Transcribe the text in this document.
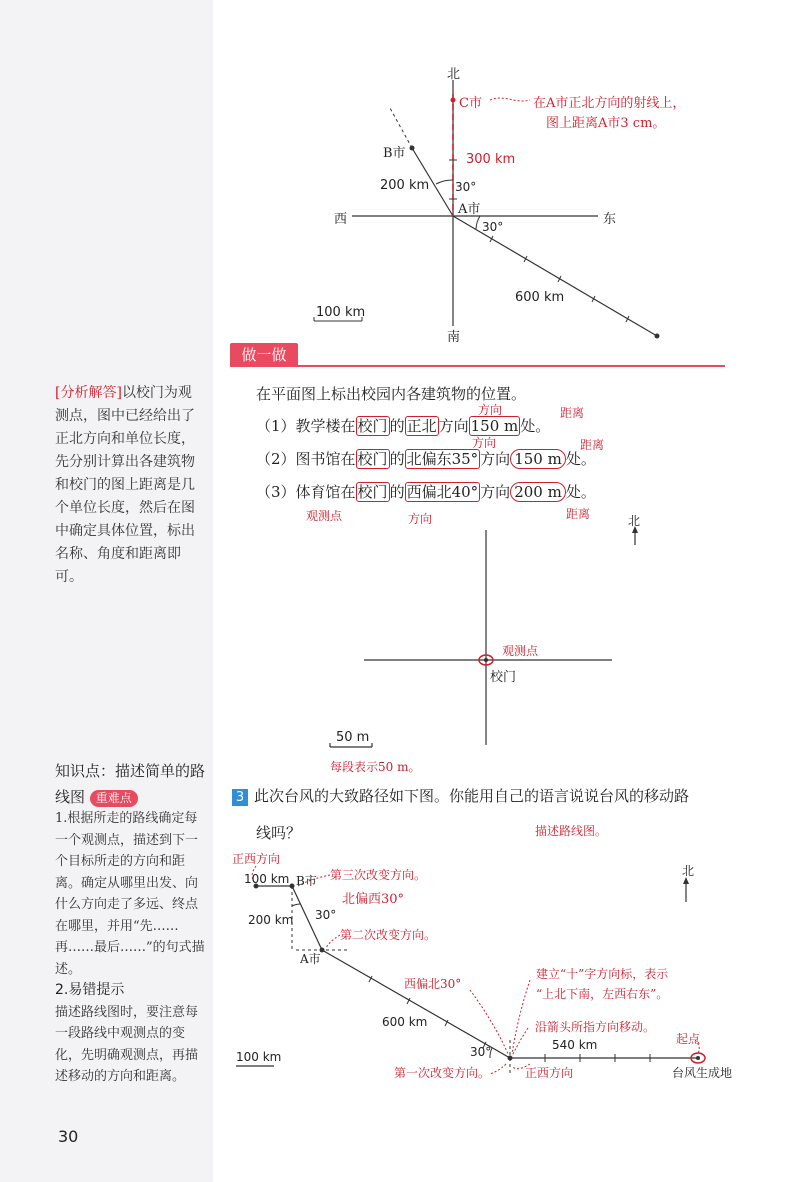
[分析解答]以校门为观测点，图中已经给出了正北方向和单位长度，先分别计算出各建筑物和校门的图上距离是几个单位长度，然后在图中确定具体位置，标出名称、角度和距离即可。
知识点：描述简单的路线图 重难点
1.根据所走的路线确定每一个观测点，描述到下一个目标所走的方向和距离。确定从哪里出发、向什么方向走了多远、终点在哪里，并用“先……再……最后……”的句式描述。
2.易错提示
描述路线图时，要注意每一段路线中观测点的变化，先明确观测点，再描述移动的方向和距离。
30
北
南
西	东
C市	在A市正北方向的射线上，
图上距离A市3 cm。
B市	300 km
200 km 30°
A市
30°
600 km
100 km
做一做
在平面图上标出校园内各建筑物的位置。
方向	距离
（1）教学楼在 校门 的 正北 方向 150 m 处。
方向	距离
（2）图书馆在 校门 的 北偏东35° 方向 150 m 处。
（3）体育馆在 校门 的 西偏北40° 方向 200 m 处。
观测点	方向	距离	北
观测点
校门
50 m
每段表示50 m。
3 此次台风的大致路径如下图。你能用自己的语言说说台风的移动路
线吗？	描述路线图。
北
正西方向
100 km B市 第三次改变方向。
北偏西30°
200 km 30°
第二次改变方向。
A市
西偏北30°
建立“十”字方向标，表示
“上北下南，左西右东”。
600 km	沿箭头所指方向移动。
30°	540 km	起点
100 km
第一次改变方向。	正西方向	台风生成地
